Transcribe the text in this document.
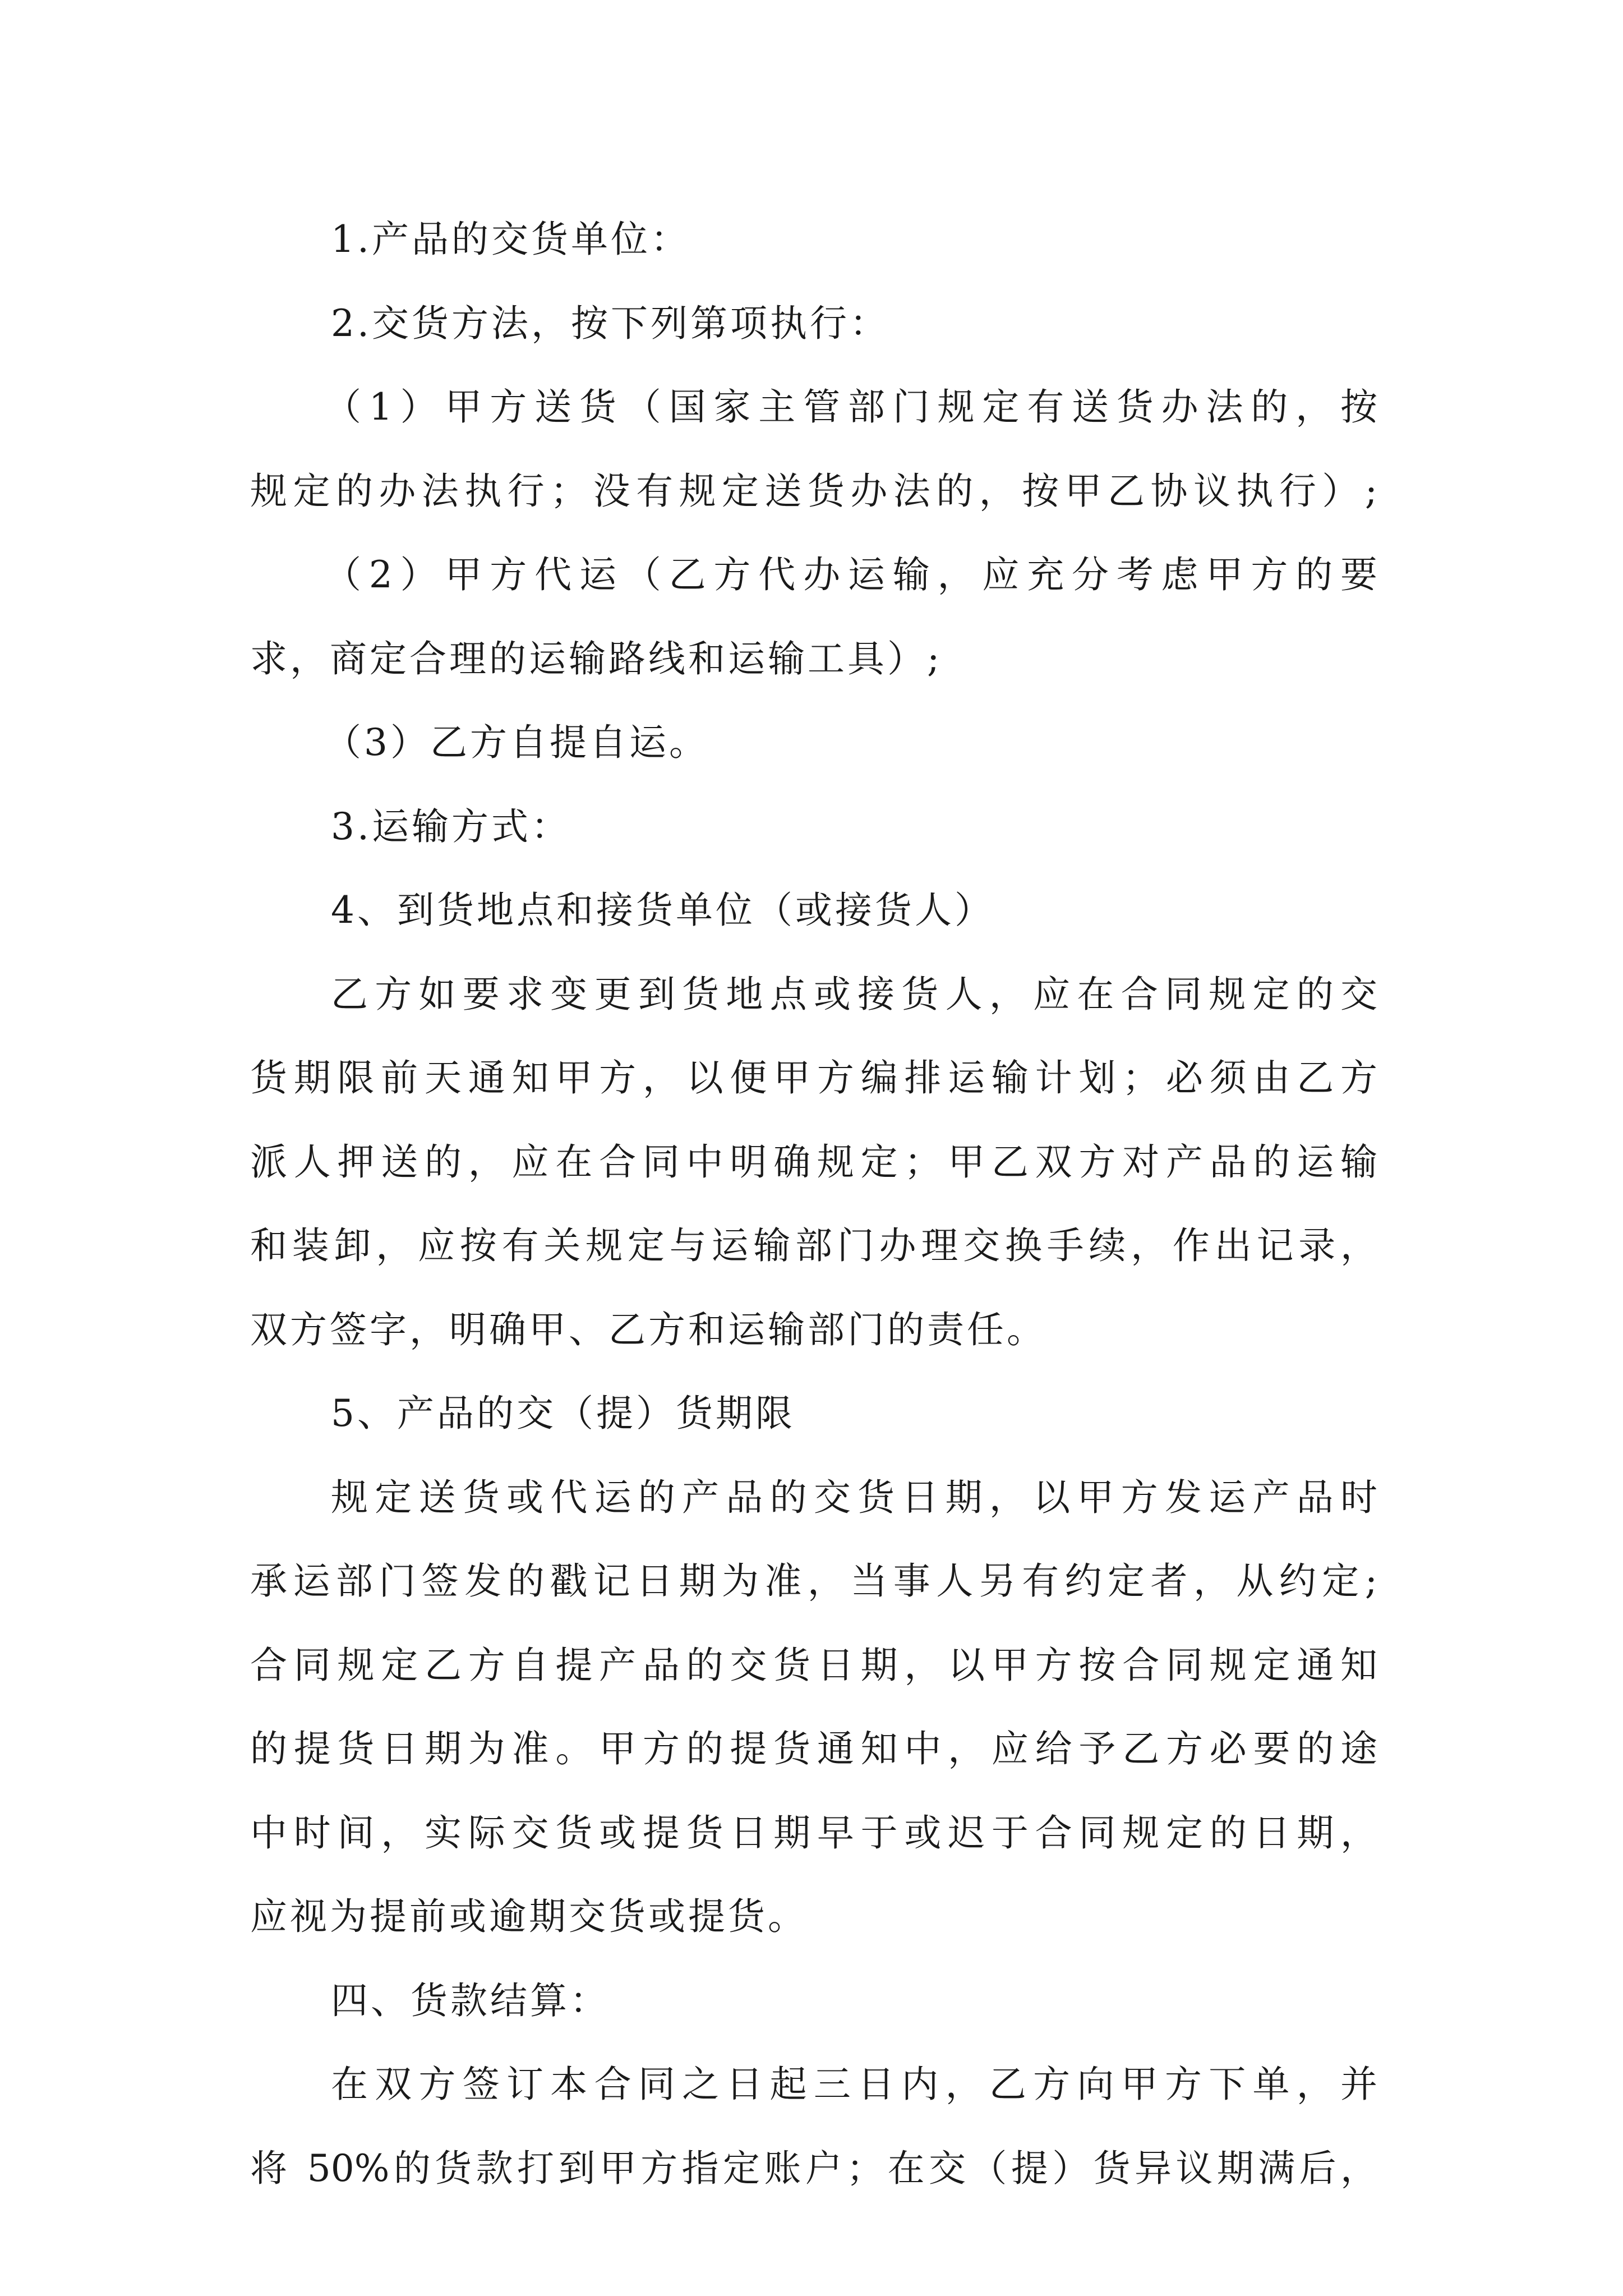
1.产品的交货单位：
2.交货方法，按下列第项执行：
（1）甲方送货（国家主管部门规定有送货办法的，按
规定的办法执行；没有规定送货办法的，按甲乙协议执行）;
（2）甲方代运（乙方代办运输，应充分考虑甲方的要
求，商定合理的运输路线和运输工具）;
（3）乙方自提自运。
3.运输方式：
4、到货地点和接货单位（或接货人）
乙方如要求变更到货地点或接货人，应在合同规定的交
货期限前天通知甲方，以便甲方编排运输计划；必须由乙方
派人押送的，应在合同中明确规定；甲乙双方对产品的运输
和装卸，应按有关规定与运输部门办理交换手续，作出记录，
双方签字，明确甲、乙方和运输部门的责任。
5、产品的交（提）货期限
规定送货或代运的产品的交货日期，以甲方发运产品时
承运部门签发的戳记日期为准，当事人另有约定者，从约定;
合同规定乙方自提产品的交货日期，以甲方按合同规定通知
的提货日期为准。甲方的提货通知中，应给予乙方必要的途
中时间，实际交货或提货日期早于或迟于合同规定的日期，
应视为提前或逾期交货或提货。
四、货款结算：
在双方签订本合同之日起三日内，乙方向甲方下单，并
将 50%的货款打到甲方指定账户；在交（提）货异议期满后，
